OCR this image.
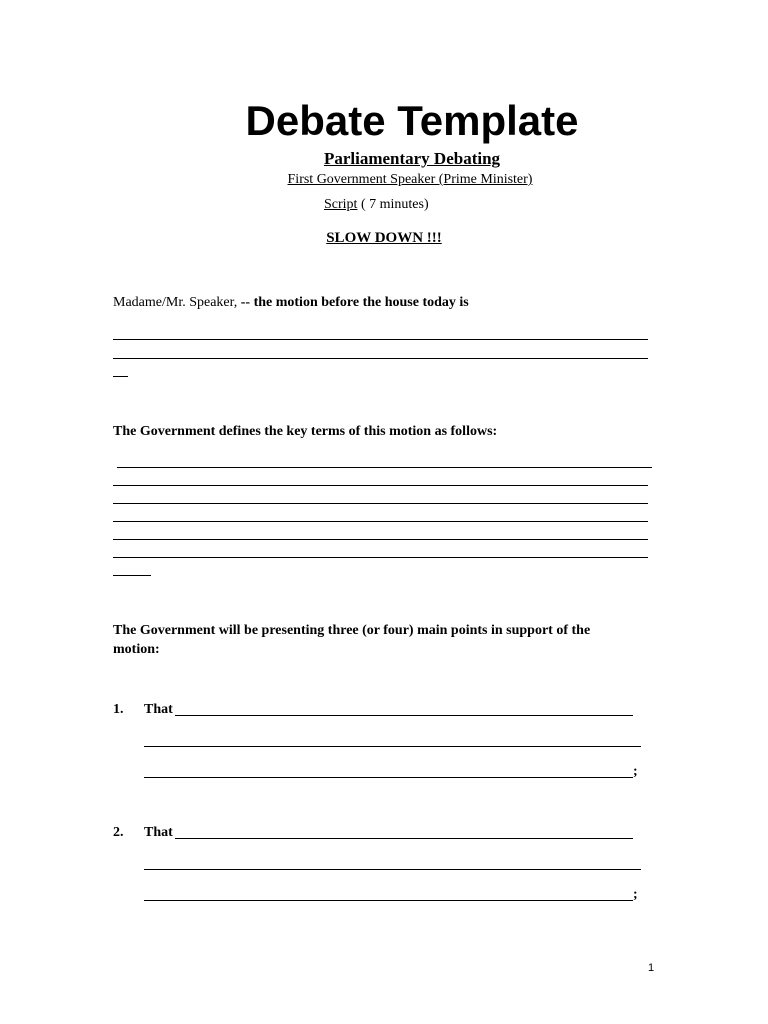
Debate Template
Parliamentary Debating
First Government Speaker (Prime Minister)
Script ( 7 minutes)
SLOW DOWN !!!
Madame/Mr. Speaker, -- the motion before the house today is
The Government defines the key terms of this motion as follows:
The Government will be presenting three (or four) main points in support of the
motion:
1. That
;
2. That
;
1
